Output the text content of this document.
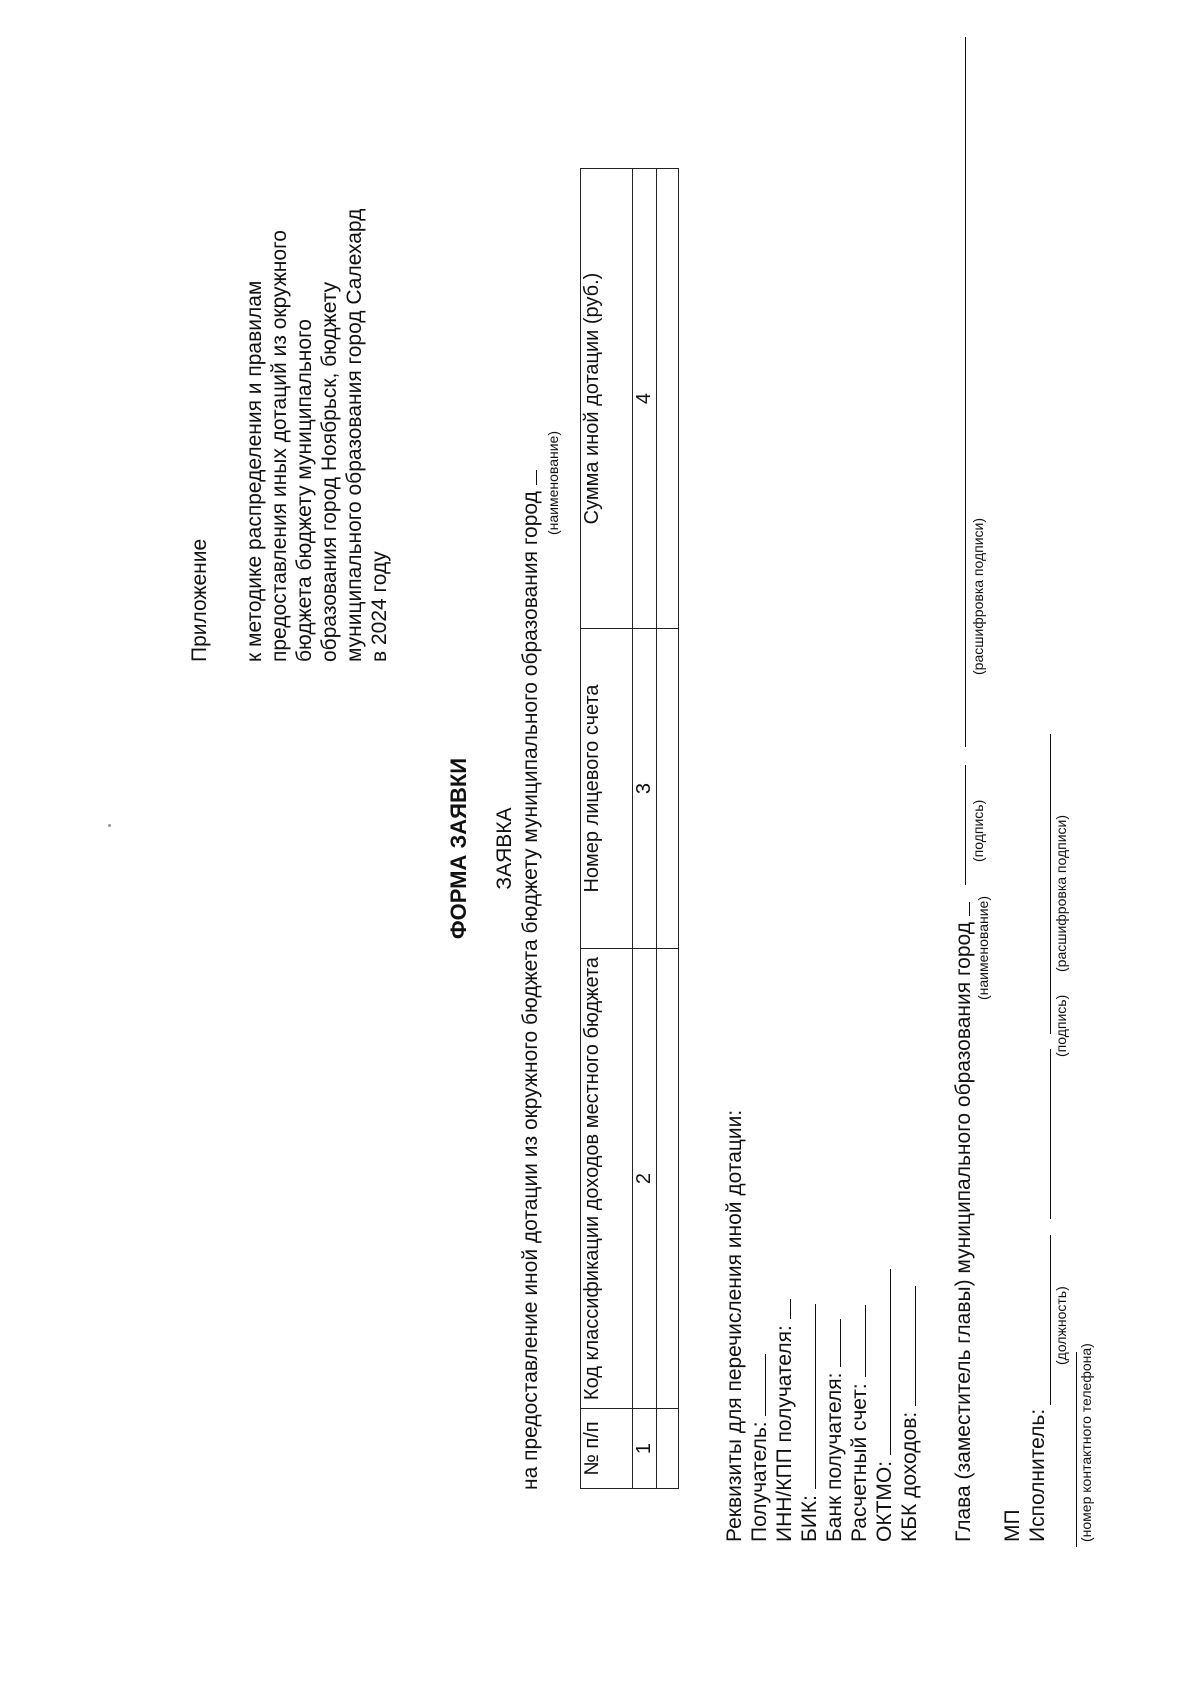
Приложение к методике распределения и правилам предоставления иных дотаций из окружного бюджета бюджету муниципального образования город Ноябрьск, бюджету муниципального образования город Салехард в 2024 году
ФОРМА ЗАЯВКИ ЗАЯВКА на предоставление иной дотации из окружного бюджета бюджету муниципального образования город
(наименование)
№ п/п	Код классификации доходов местного бюджета	Номер лицевого счета	Сумма иной дотации (руб.)
1	2	3	4

Реквизиты для перечисления иной дотации: Получатель: ИНН/КПП получателя: БИК: Банк получателя: Расчетный счет: ОКТМО: КБК доходов: Глава (заместитель главы) муниципального образования город (наименование)
(подпись)
(расшифровка подписи)
МП Исполнитель:
(должность)
(подпись)
(расшифровка подписи)
(номер контактного телефона)
